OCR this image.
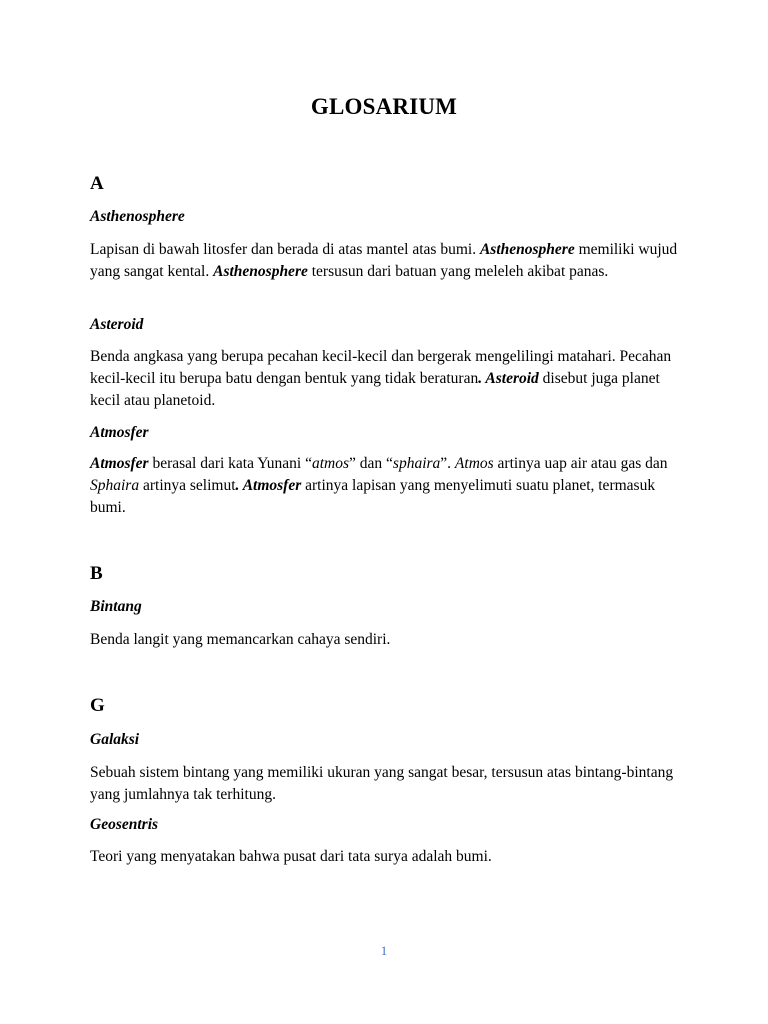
GLOSARIUM
A
Asthenosphere

Lapisan di bawah litosfer dan berada di atas mantel atas bumi. Asthenosphere memiliki wujud yang sangat kental. Asthenosphere tersusun dari batuan yang meleleh akibat panas.

Asteroid

Benda angkasa yang berupa pecahan kecil-kecil dan bergerak mengelilingi matahari. Pecahan kecil-kecil itu berupa batu dengan bentuk yang tidak beraturan. Asteroid disebut juga planet kecil atau planetoid.

Atmosfer

Atmosfer berasal dari kata Yunani “atmos” dan “sphaira”. Atmos artinya uap air atau gas dan Sphaira artinya selimut. Atmosfer artinya lapisan yang menyelimuti suatu planet, termasuk bumi.

B
Bintang

Benda langit yang memancarkan cahaya sendiri.

G
Galaksi

Sebuah sistem bintang yang memiliki ukuran yang sangat besar, tersusun atas bintang-bintang yang jumlahnya tak terhitung.

Geosentris

Teori yang menyatakan bahwa pusat dari tata surya adalah bumi.

1
